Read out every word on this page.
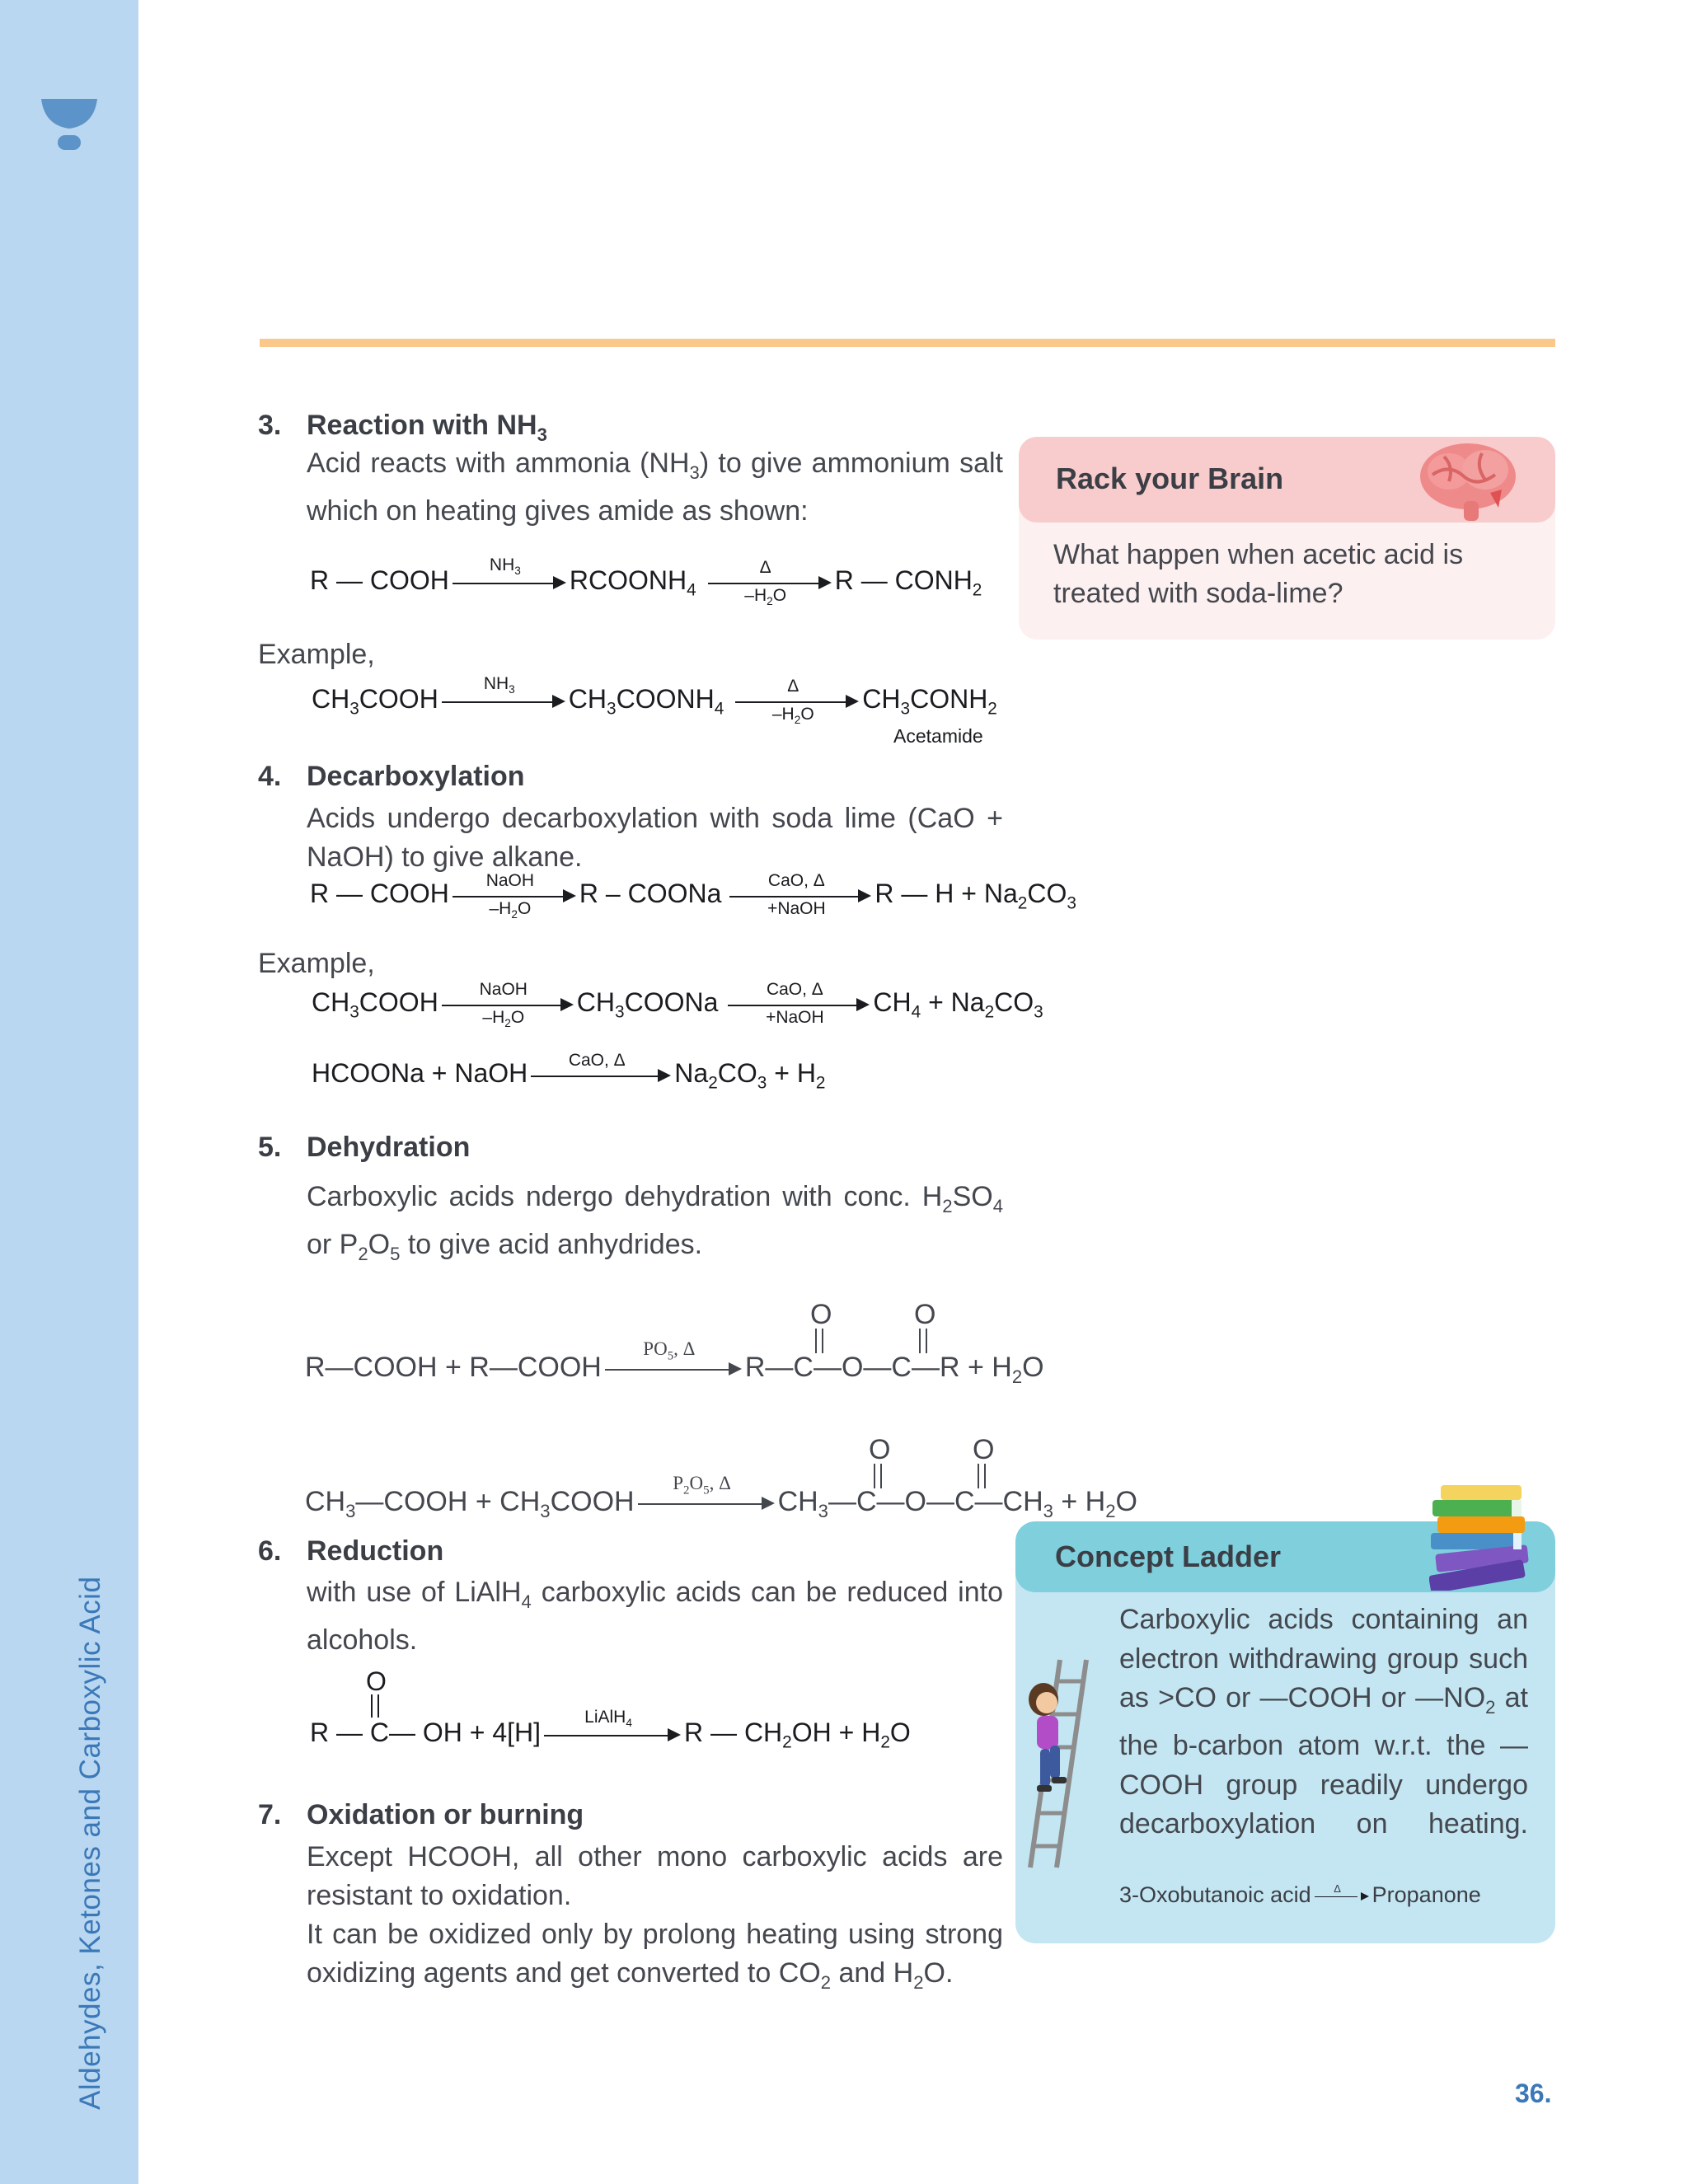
Aldehydes, Ketones and Carboxylic Acid
3. Reaction with $NH_3$
Acid reacts with ammonia $(NH_3)$ to give ammonium salt which on heating gives amide as shown:
R — COOH
$NH_3$	$RCOONH_4$
Δ
$-H_2O$
R — $CONH_2$
Example,
$CH_3COOH$
$NH_3$	$CH_3COONH_4$
Δ
$-H_2O$
$CH_3CONH_2$
Acetamide
4. Decarboxylation
Acids undergo decarboxylation with soda lime (CaO + NaOH) to give alkane.
R — COOH	NaOH
$-H_2O$
R – COONa	CaO, Δ
+NaOH
R — $H + Na_2CO_3$
Example,
$CH_3COOH$	NaOH
$-H_2O$
$CH_3COONa$	CaO, Δ
+NaOH
$CH_4 + Na_2CO_3$
HCOONa + NaOH	CaO, Δ	$Na_2CO_3 + H_2$
5. Dehydration
Carboxylic acids ndergo dehydration with conc. $H_2SO_4$ or $P_2O_5$ to give acid anhydrides.
O	O
R—COOH + R—COOH
$PO_5$, Δ
R—C—O—C—R + $H_2O$
O	O
$CH_3—COOH$ + $CH_3COOH$
$P_2O_5$, Δ
$CH_3—C—O—C—CH_3 + H_2O$
6. Reduction
with use of LiAlH$_4$ carboxylic acids can be reduced into alcohols.
O
R — C— OH + 4[H]
LiAlH$_4$	R — $CH_2OH + H_2O$
7. Oxidation or burning
Except HCOOH, all other mono carboxylic acids are resistant to oxidation.
It can be oxidized only by prolong heating using strong oxidizing agents and get converted to $CO_2$ and $H_2O$.
Rack your Brain
What happen when acetic acid is treated with soda-lime?
Concept Ladder
Carboxylic acids containing an electron withdrawing group such as >CO or —COOH or $—NO_2$ at the b-carbon atom w.r.t. the —COOH group readily undergo decarboxylation on heating.
3-Oxobutanoic acid	Δ	Propanone
36.
